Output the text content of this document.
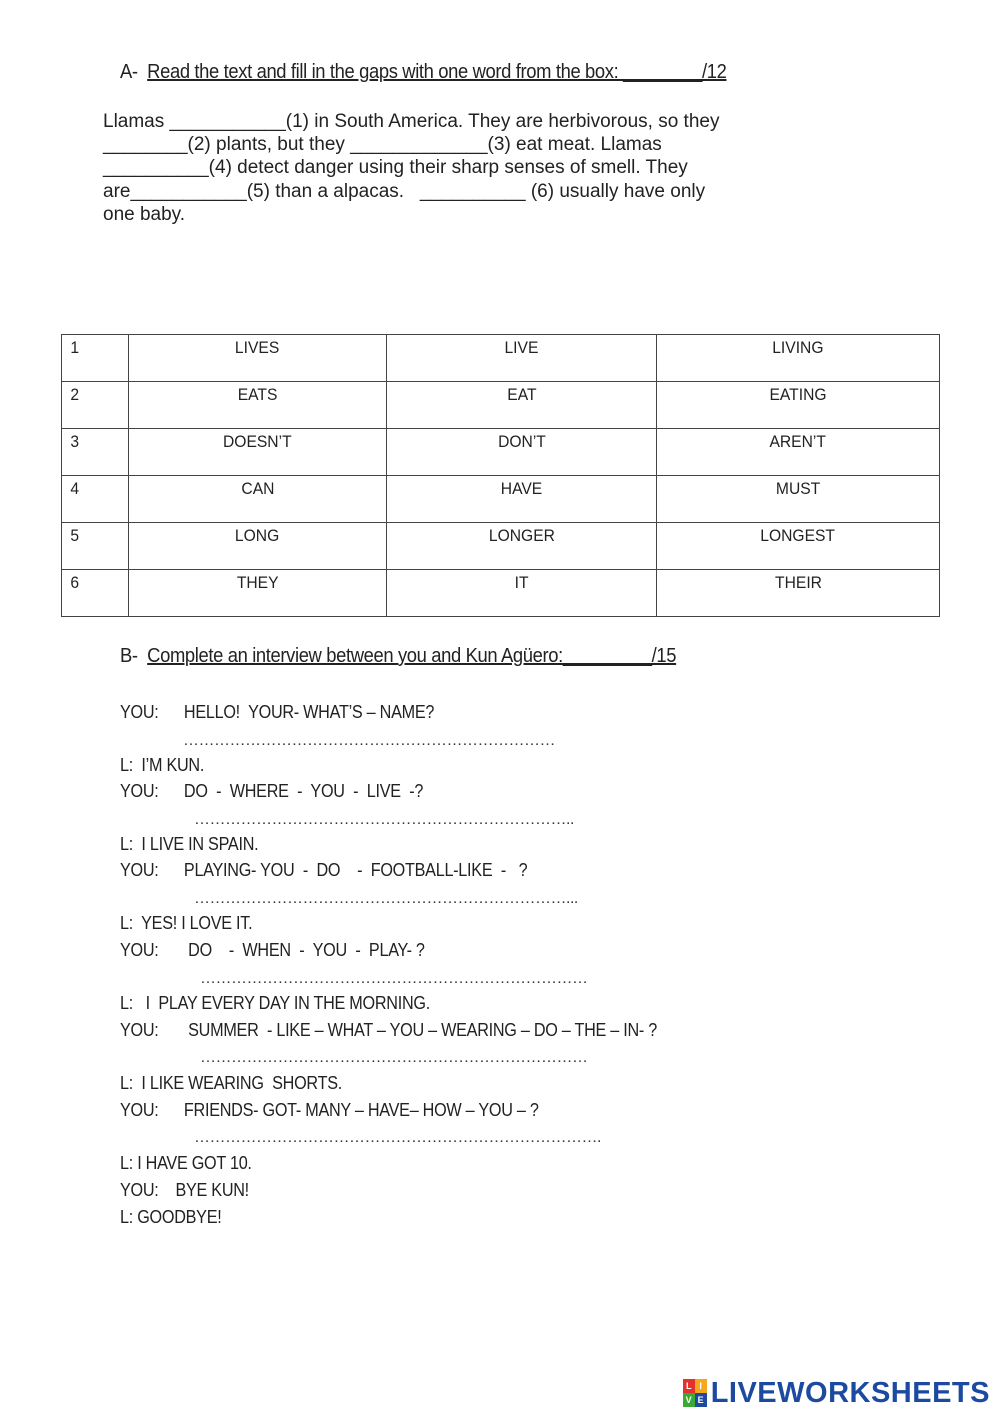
A- Read the text and fill in the gaps with one word from the box: ________/12
Llamas ___________(1) in South America. They are herbivorous, so they
________(2) plants, but they _____________(3) eat meat. Llamas
__________(4) detect danger using their sharp senses of smell. They
are___________(5) than a alpacas.   __________ (6) usually have only
one baby.
1	LIVES	LIVE	LIVING
2	EATS	EAT	EATING
3	DOESN’T	DON’T	AREN’T
4	CAN	HAVE	MUST
5	LONG	LONGER	LONGEST
6	THEY	IT	THEIR
B- Complete an interview between you and Kun Agüero:_________/15
YOU:      HELLO!  YOUR- WHAT’S – NAME?
………………………………………………………………
L:  I’M KUN.
YOU:      DO  -  WHERE  -  YOU  -  LIVE  -?
………………………………………………………………..
L:  I LIVE IN SPAIN.
YOU:      PLAYING- YOU  -  DO    -  FOOTBALL-LIKE  -   ?
………………………………………………………………...
L:  YES! I LOVE IT.
YOU:       DO    -  WHEN  -  YOU  -  PLAY- ?
…………………………………………………………………
L:   I  PLAY EVERY DAY IN THE MORNING.
YOU:       SUMMER  - LIKE – WHAT – YOU – WEARING – DO – THE – IN- ?
…………………………………………………………………
L:  I LIKE WEARING  SHORTS.
YOU:      FRIENDS- GOT- MANY – HAVE– HOW – YOU – ?
…………………………………………………………………….
L: I HAVE GOT 10.
YOU:    BYE KUN!
L: GOODBYE!
L I
V E LIVEWORKSHEETS
